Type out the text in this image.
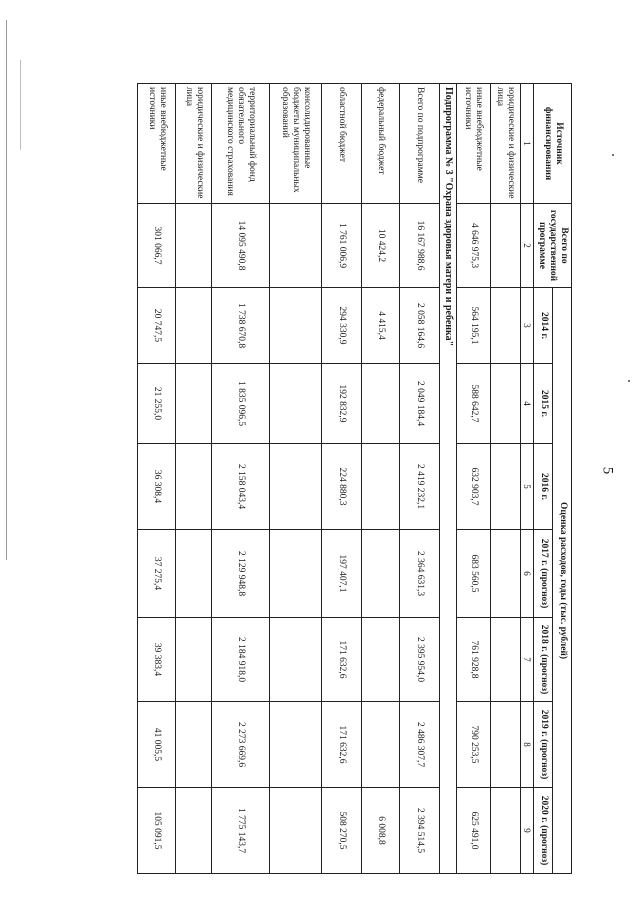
5
Источник финансирования	Всего по государственной программе	Оценка расходов, годы (тыс. рублей)						
		2014 г.	2015 г.	2016 г.	2017 г. (прогноз)	2018 г. (прогноз)	2019 г. (прогноз)	2020 г. (прогноз)
1	2	3	4	5	6	7	8	9
юридические и физические лица								
иные внебюджетные источники	4 646 975,3	564 195,1	588 642,7	632 903,7	683 560,5	761 928,8	790 253,5	625 491,0
Подпрограмма № 3 "Охрана здоровья матери и ребенка"								
Всего по подпрограмме	16 167 988,6	2 058 164,6	2 049 184,4	2 419 232,1	2 364 631,3	2 395 954,0	2 486 307,7	2 394 514,5
федеральный бюджет	10 424,2	4 415,4						6 008,8
областной бюджет	1 761 006,9	294 330,9	192 832,9	224 880,3	197 407,1	171 632,6	171 632,6	508 270,5
консолидированные бюджеты муниципальных образований								
территориальный фонд обязательного медицинского страхования	14 095 490,8	1 738 670,8	1 835 096,5	2 158 043,4	2 129 948,8	2 184 918,0	2 273 669,6	1 775 143,7
юридические и физические лица								
иные внебюджетные источники	301 066,7	20 747,5	21 255,0	36 308,4	37 275,4	39 383,4	41 005,5	105 091,5
